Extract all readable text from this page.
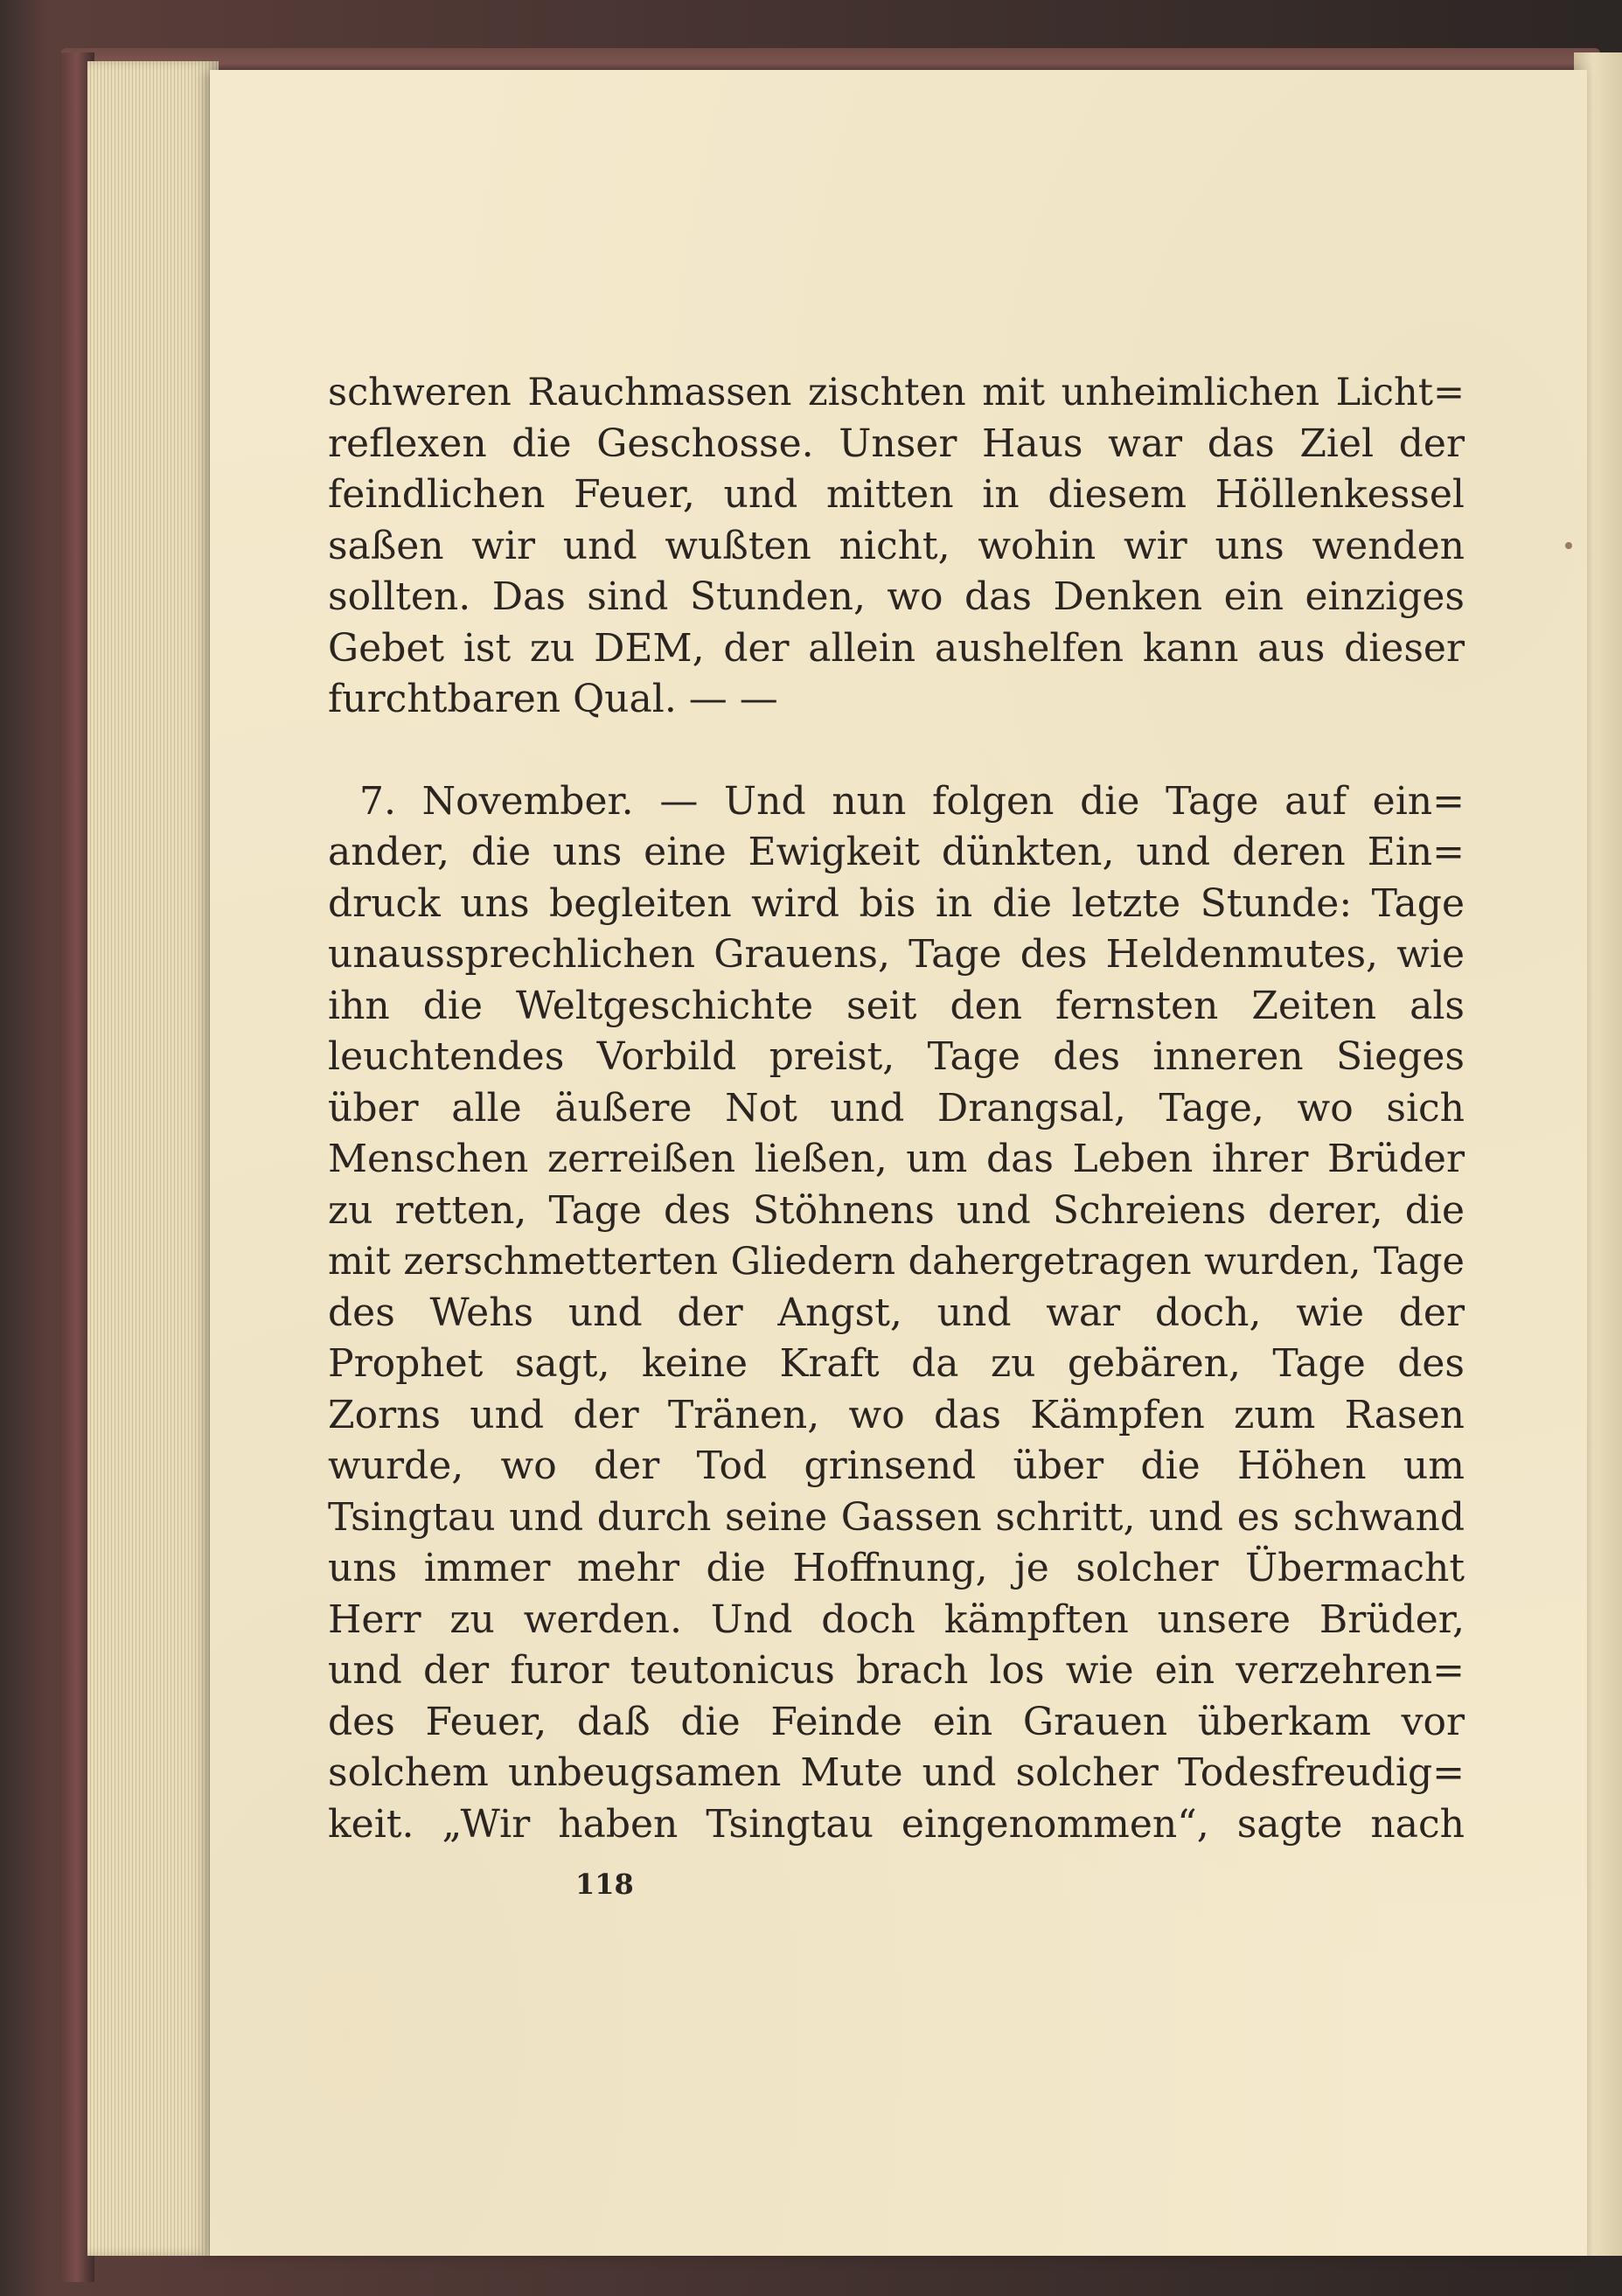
schweren Rauchmassen zischten mit unheimlichen Licht=
reflexen die Geschosse. Unser Haus war das Ziel der
feindlichen Feuer, und mitten in diesem Höllenkessel
saßen wir und wußten nicht, wohin wir uns wenden
sollten. Das sind Stunden, wo das Denken ein einziges
Gebet ist zu DEM, der allein aushelfen kann aus dieser
furchtbaren Qual. — —
7. November. — Und nun folgen die Tage auf ein=
ander, die uns eine Ewigkeit dünkten, und deren Ein=
druck uns begleiten wird bis in die letzte Stunde: Tage
unaussprechlichen Grauens, Tage des Heldenmutes, wie
ihn die Weltgeschichte seit den fernsten Zeiten als
leuchtendes Vorbild preist, Tage des inneren Sieges
über alle äußere Not und Drangsal, Tage, wo sich
Menschen zerreißen ließen, um das Leben ihrer Brüder
zu retten, Tage des Stöhnens und Schreiens derer, die
mit zerschmetterten Gliedern dahergetragen wurden, Tage
des Wehs und der Angst, und war doch, wie der
Prophet sagt, keine Kraft da zu gebären, Tage des
Zorns und der Tränen, wo das Kämpfen zum Rasen
wurde, wo der Tod grinsend über die Höhen um
Tsingtau und durch seine Gassen schritt, und es schwand
uns immer mehr die Hoffnung, je solcher Übermacht
Herr zu werden. Und doch kämpften unsere Brüder,
und der furor teutonicus brach los wie ein verzehren=
des Feuer, daß die Feinde ein Grauen überkam vor
solchem unbeugsamen Mute und solcher Todesfreudig=
keit. „Wir haben Tsingtau eingenommen“, sagte nach
118
